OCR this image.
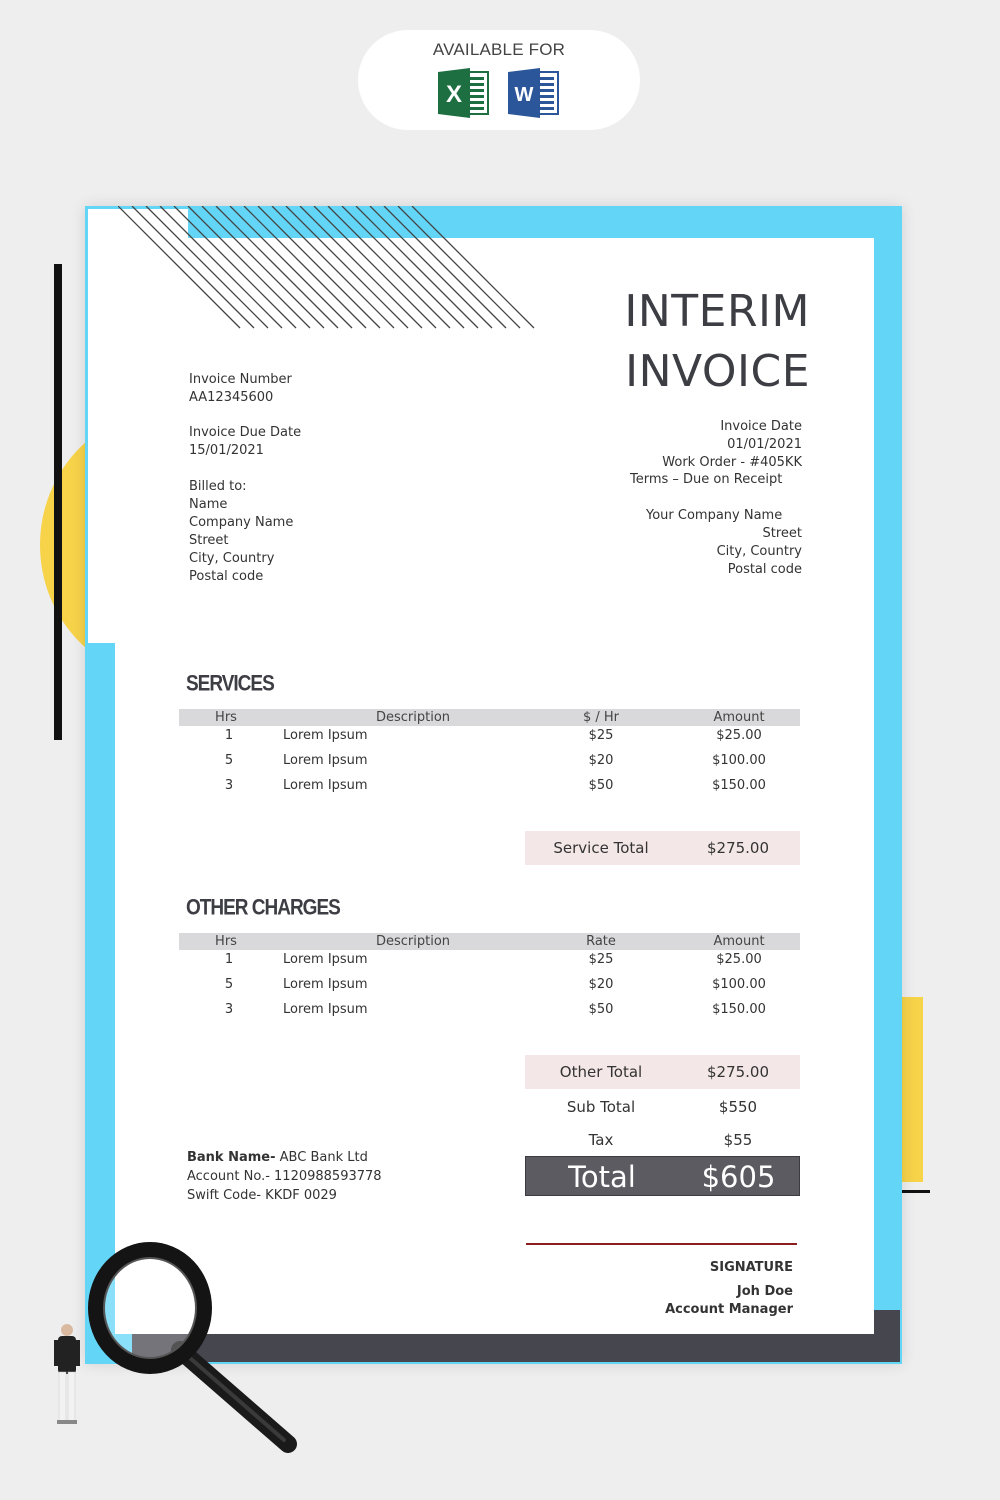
AVAILABLE FOR
X	W
INTERIM
INVOICE
Invoice Number
AA12345600
Invoice Due Date
15/01/2021
Billed to:
Name
Company Name
Street
City, Country
Postal code
Invoice Date
01/01/2021
Work Order - #405KK
Terms – Due on Receipt
Your Company Name
Street
City, Country
Postal code
SERVICES
Hrs	Description	$ / Hr	Amount
1	Lorem Ipsum	$25	$25.00
5	Lorem Ipsum	$20	$100.00
3	Lorem Ipsum	$50	$150.00
Service Total	$275.00
OTHER CHARGES
Hrs	Description	Rate	Amount
1	Lorem Ipsum	$25	$25.00
5	Lorem Ipsum	$20	$100.00
3	Lorem Ipsum	$50	$150.00
Other Total	$275.00
Sub Total	$550
Tax	$55
Total	$605
Bank Name- ABC Bank Ltd
Account No.- 1120988593778
Swift Code- KKDF 0029
SIGNATURE
Joh Doe
Account Manager
